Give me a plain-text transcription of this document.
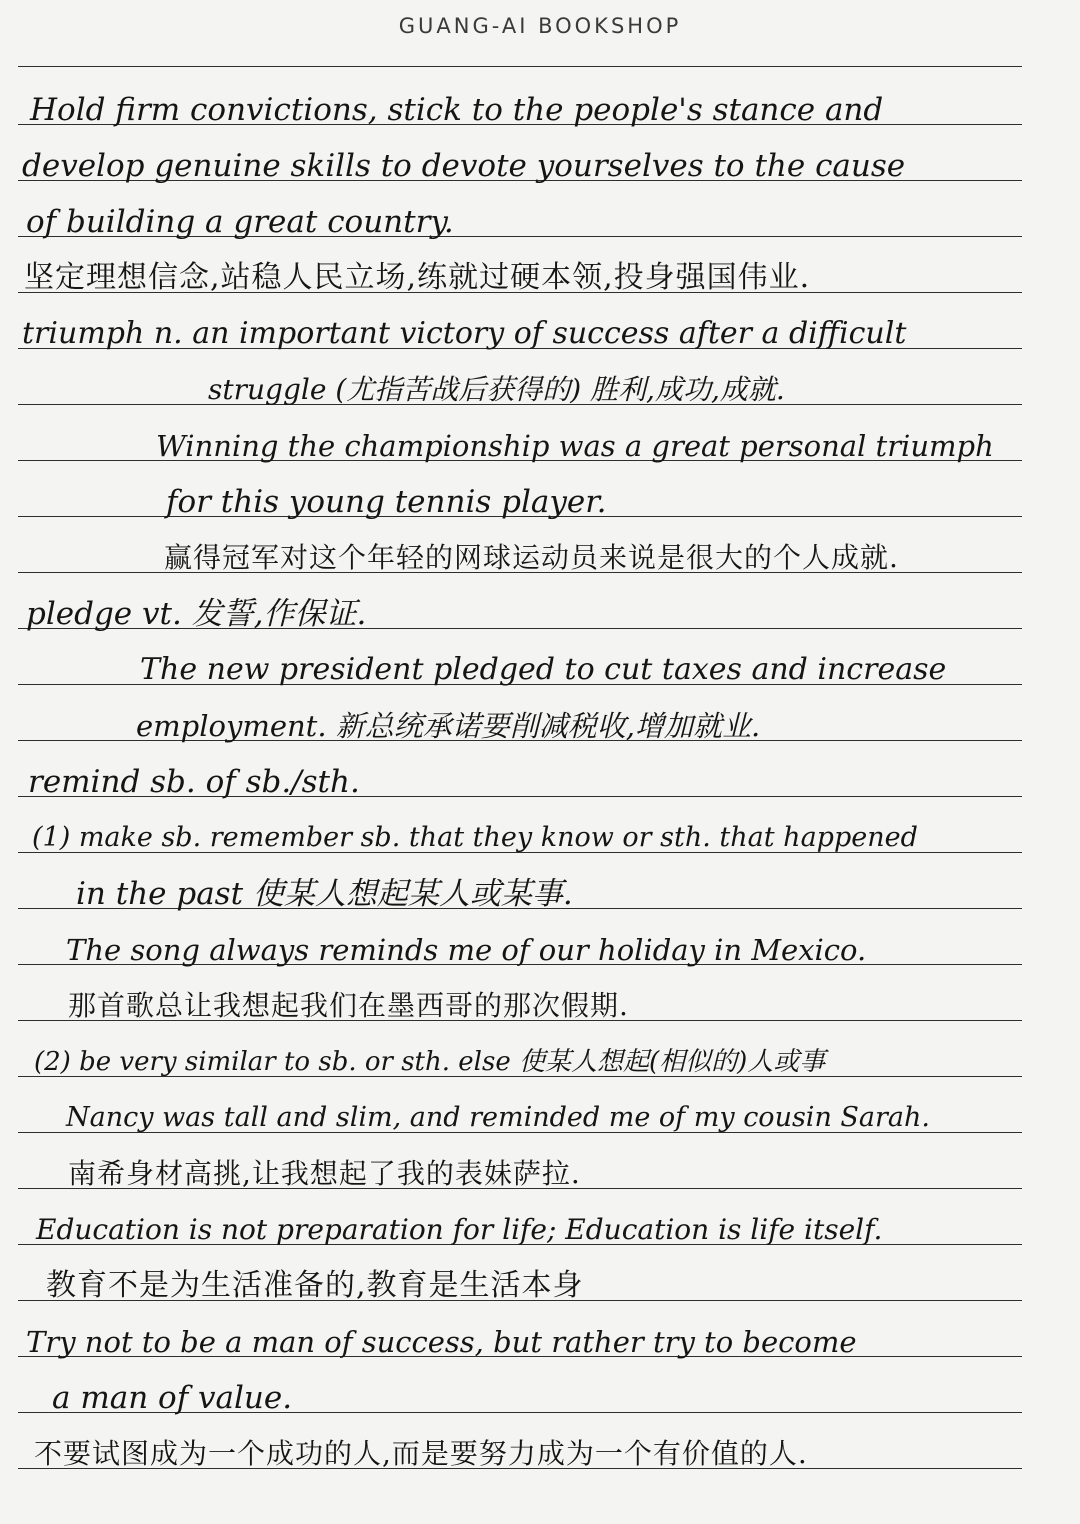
GUANG-AI BOOKSHOP
Hold firm convictions, stick to the people's stance and
develop genuine skills to devote yourselves to the cause
of building a great country.
坚定理想信念,站稳人民立场,练就过硬本领,投身强国伟业.
triumph n. an important victory of success after a difficult
struggle (尤指苦战后获得的) 胜利,成功,成就.
Winning the championship was a great personal triumph
for this young tennis player.
赢得冠军对这个年轻的网球运动员来说是很大的个人成就.
pledge vt. 发誓,作保证.
The new president pledged to cut taxes and increase
employment. 新总统承诺要削减税收,增加就业.
remind sb. of sb./sth.
(1) make sb. remember sb. that they know or sth. that happened
in the past 使某人想起某人或某事.
The song always reminds me of our holiday in Mexico.
那首歌总让我想起我们在墨西哥的那次假期.
(2) be very similar to sb. or sth. else 使某人想起(相似的)人或事
Nancy was tall and slim, and reminded me of my cousin Sarah.
南希身材高挑,让我想起了我的表妹萨拉.
Education is not preparation for life; Education is life itself.
教育不是为生活准备的,教育是生活本身
Try not to be a man of success, but rather try to become
a man of value.
不要试图成为一个成功的人,而是要努力成为一个有价值的人.
